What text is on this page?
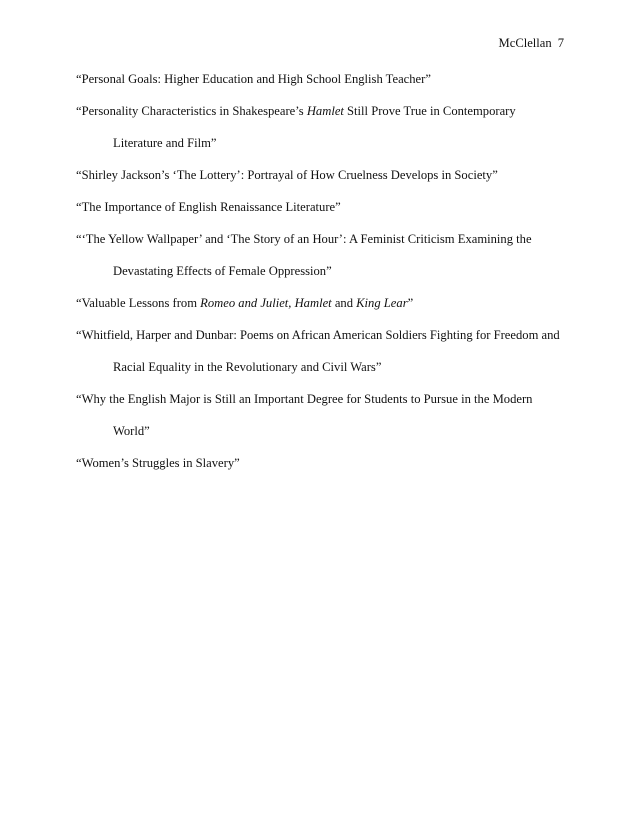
McClellan 7
“Personal Goals: Higher Education and High School English Teacher”
“Personality Characteristics in Shakespeare’s Hamlet Still Prove True in Contemporary
Literature and Film”
“Shirley Jackson’s ‘The Lottery’: Portrayal of How Cruelness Develops in Society”
“The Importance of English Renaissance Literature”
“‘The Yellow Wallpaper’ and ‘The Story of an Hour’: A Feminist Criticism Examining the
Devastating Effects of Female Oppression”
“Valuable Lessons from Romeo and Juliet, Hamlet and King Lear”
“Whitfield, Harper and Dunbar: Poems on African American Soldiers Fighting for Freedom and
Racial Equality in the Revolutionary and Civil Wars”
“Why the English Major is Still an Important Degree for Students to Pursue in the Modern
World”
“Women’s Struggles in Slavery”
